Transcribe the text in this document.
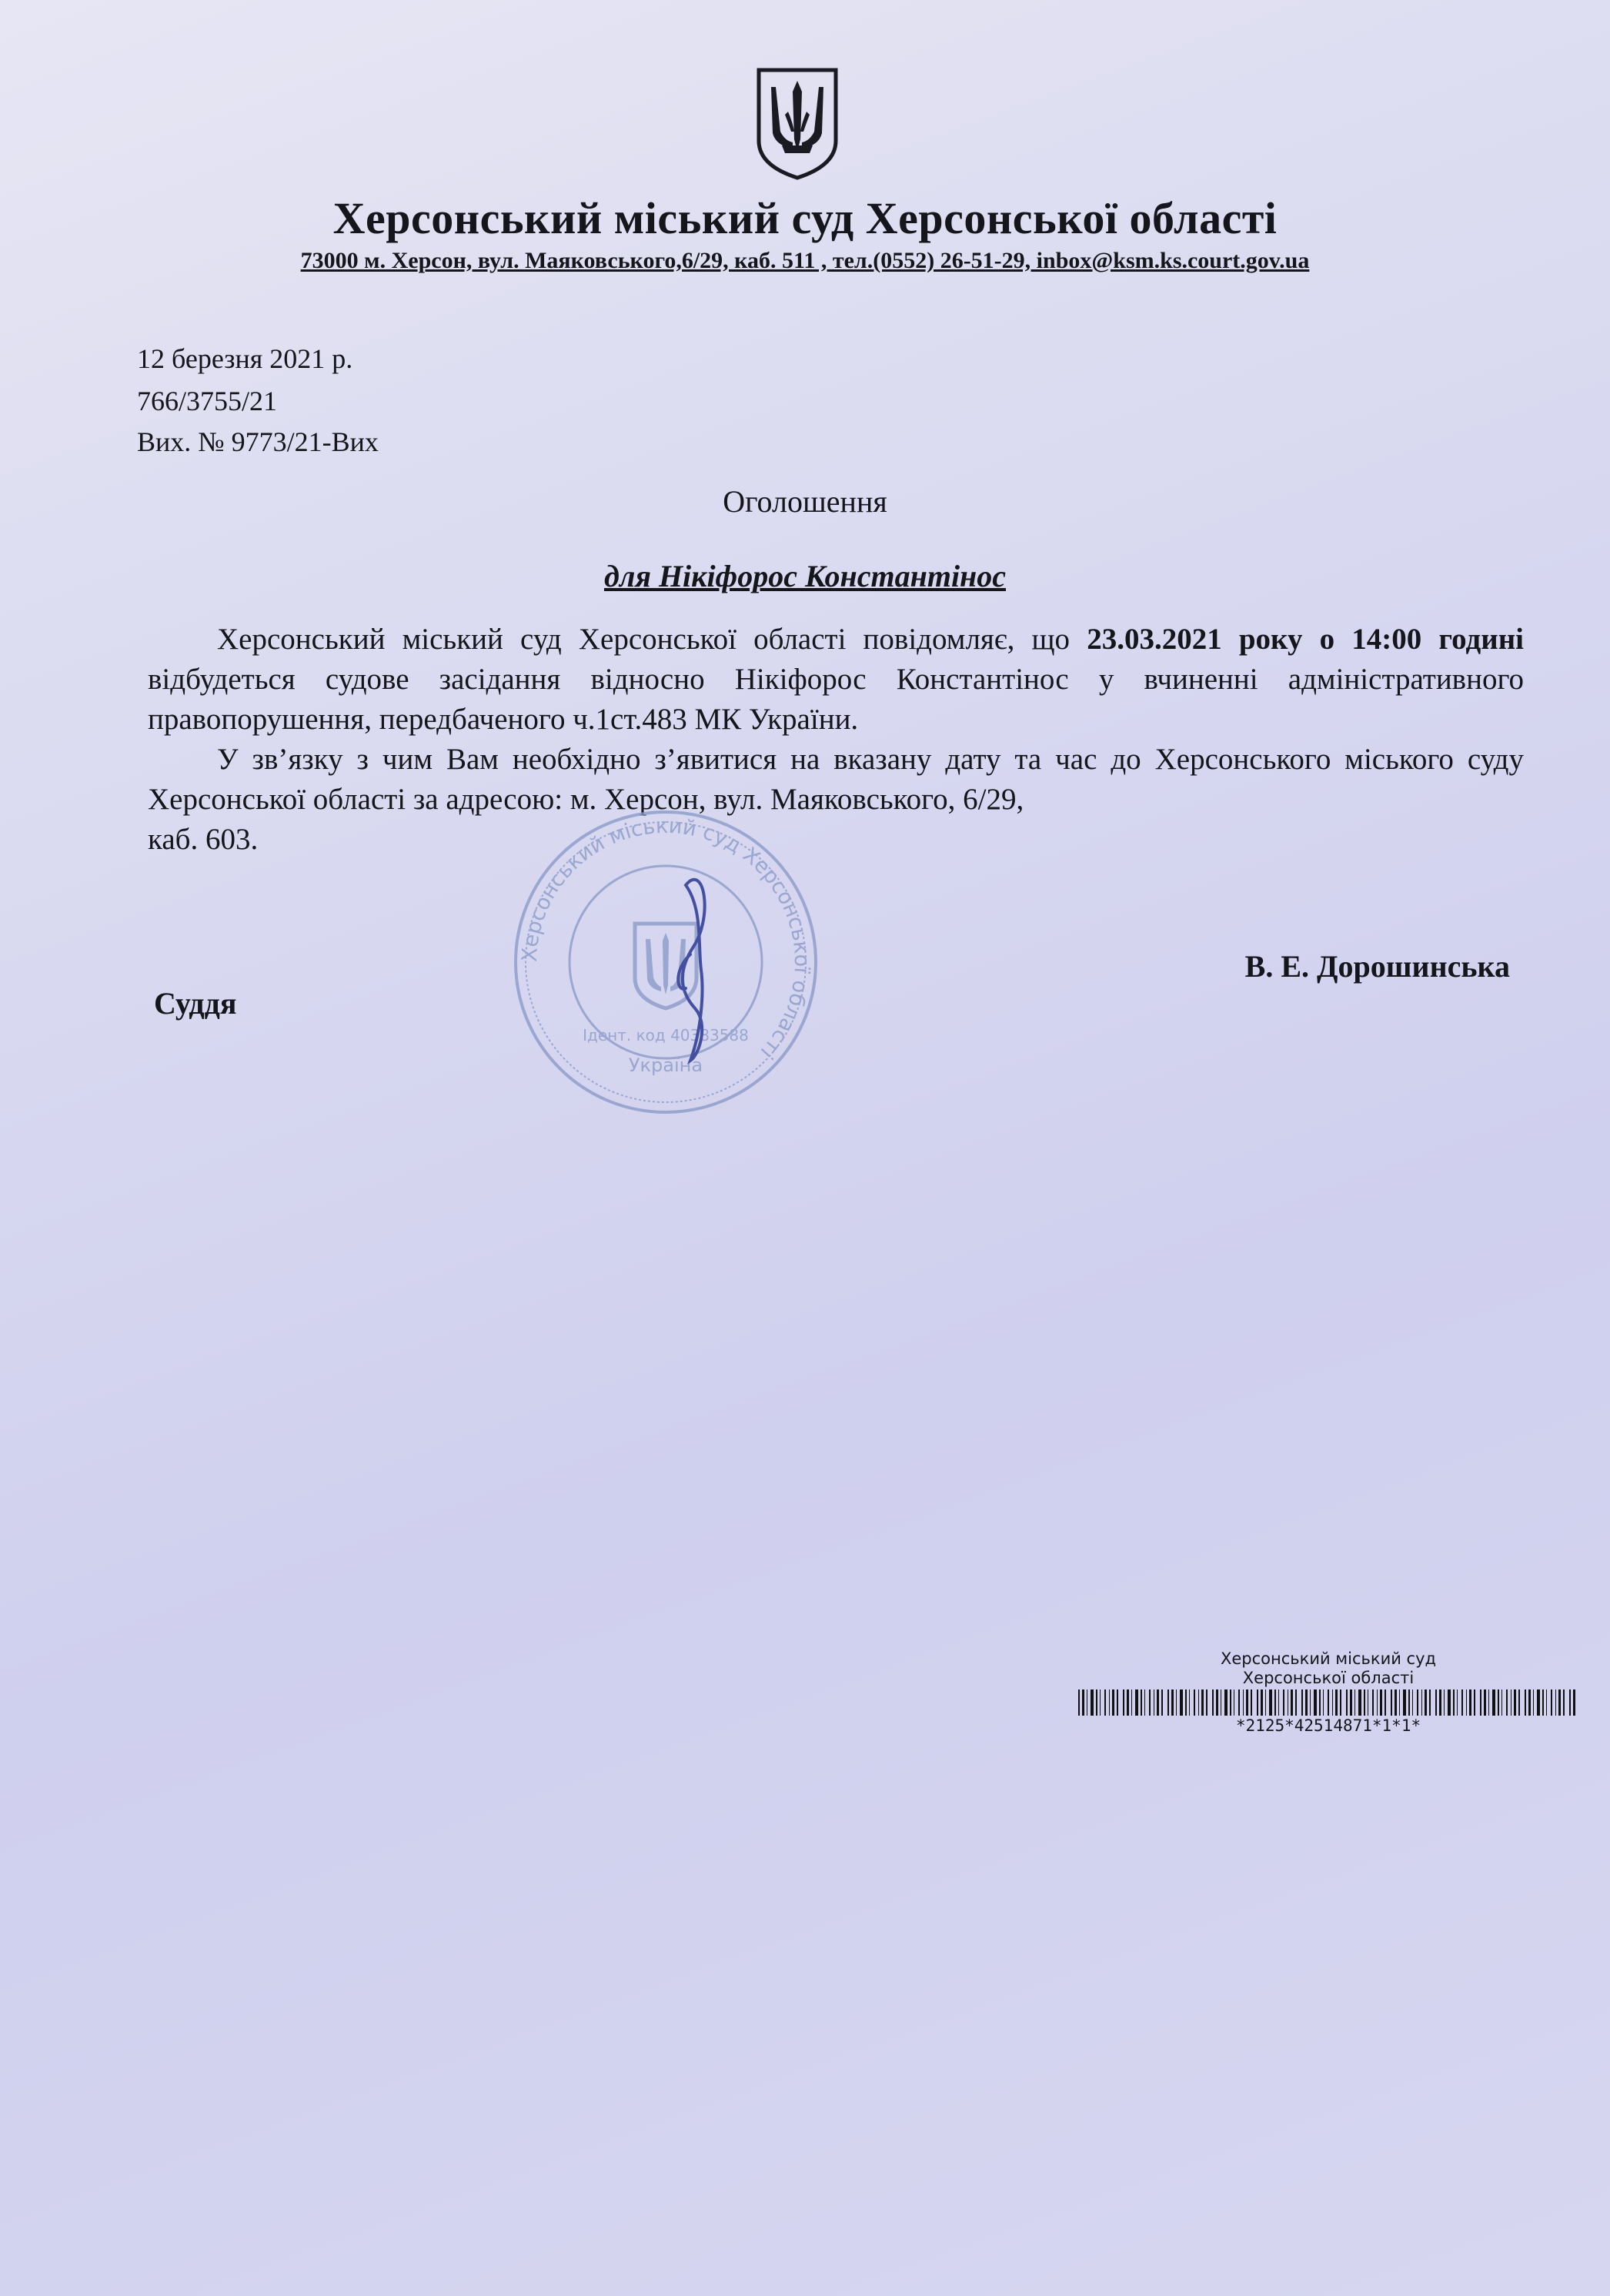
Херсонський міський суд Херсонської області
73000 м. Херсон, вул. Маяковського,6/29, каб. 511 , тел.(0552) 26-51-29, inbox@ksm.ks.court.gov.ua
12 березня 2021 р.
766/3755/21
Вих. № 9773/21-Вих
Оголошення
для Нікіфорос Константінос

Херсонський міський суд Херсонської області повідомляє, що 23.03.2021 року о 14:00 годині відбудеться судове засідання відносно Нікіфорос Константінос у вчиненні адміністративного правопорушення, передбаченого ч.1ст.483 МК України.

У зв’язку з чим Вам необхідно з’явитися на вказану дату та час до Херсонського міського суду Херсонської області за адресою: м. Херсон, вул. Маяковського, 6/29,

каб. 603.

Херсонський міський суд Херсонської області
Ідент. код 40383588
Україна
Суддя
В. Е. Дорошинська
Херсонський міський суд
Херсонської області
*2125*42514871*1*1*
